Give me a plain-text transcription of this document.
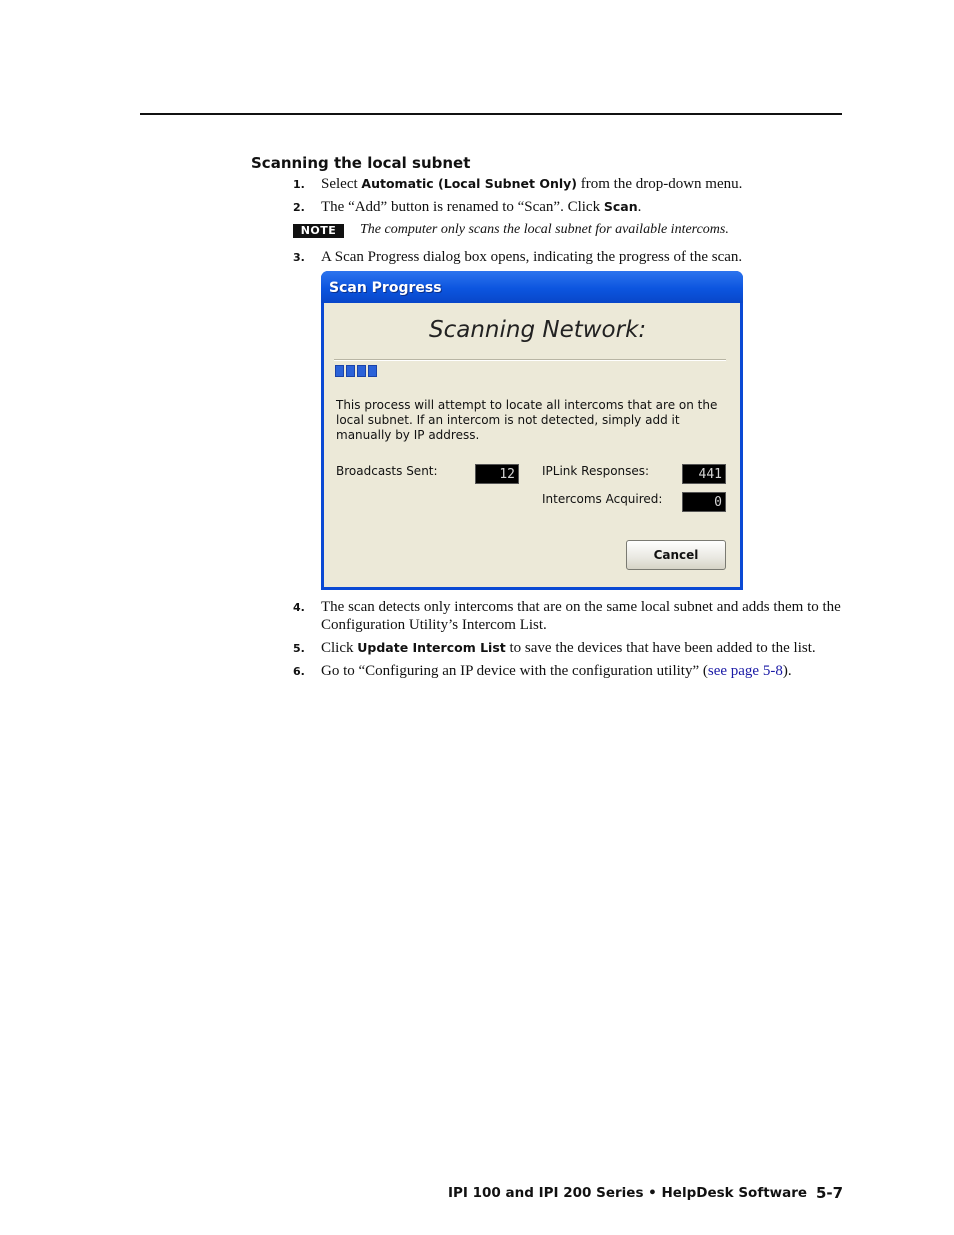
Scanning the local subnet
1. Select Automatic (Local Subnet Only) from the drop-down menu.
2. The “Add” button is renamed to “Scan”. Click Scan.
NOTE	The computer only scans the local subnet for available intercoms.
3. A Scan Progress dialog box opens, indicating the progress of the scan.
Scan Progress
Scanning Network:
This process will attempt to locate all intercoms that are on the local subnet. If an intercom is not detected, simply add it manually by IP address.
Broadcasts Sent:	12	IPLink Responses:	441
Intercoms Acquired:	0
Cancel
4. The scan detects only intercoms that are on the same local subnet and adds them to the Configuration Utility’s Intercom List.
5. Click Update Intercom List to save the devices that have been added to the list.
6. Go to “Configuring an IP device with the configuration utility” (see page 5-8).
IPI 100 and IPI 200 Series • HelpDesk Software 5-7
